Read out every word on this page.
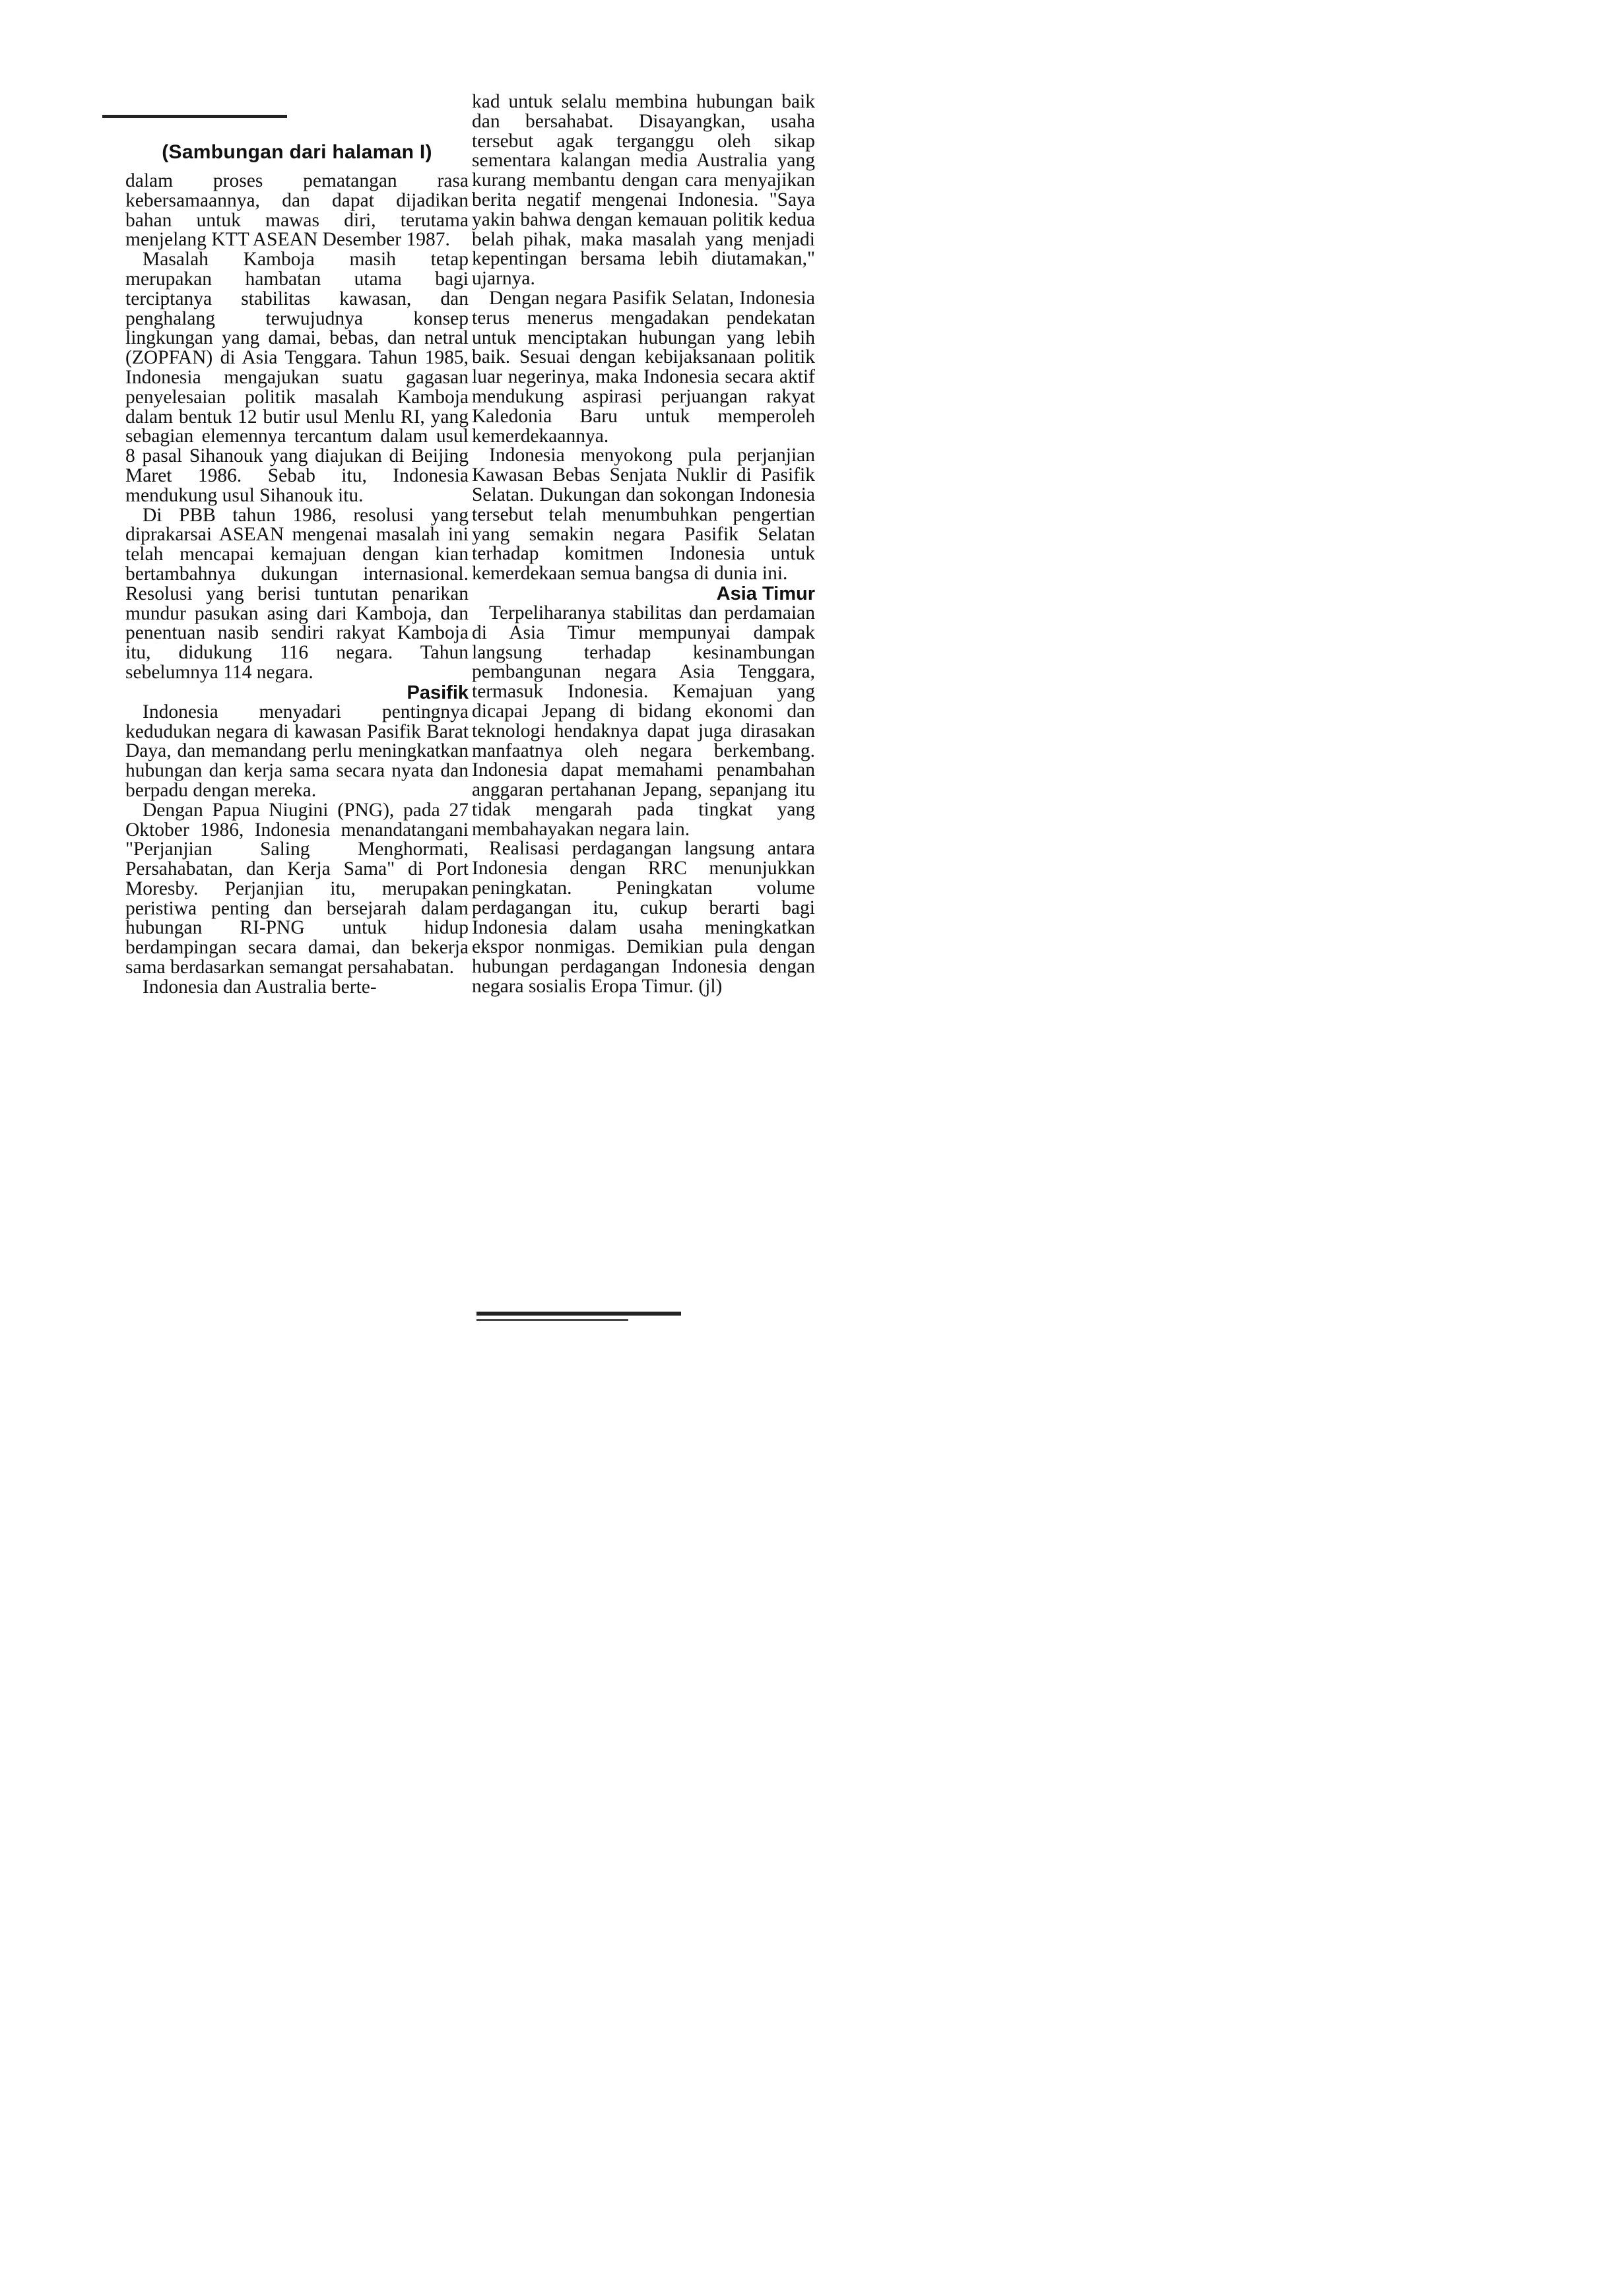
(Sambungan dari halaman I)

dalam proses pematangan rasa kebersamaannya, dan dapat dijadikan bahan untuk mawas diri, terutama menjelang KTT ASEAN Desember 1987.

Masalah Kamboja masih tetap merupakan hambatan utama bagi terciptanya stabilitas kawasan, dan penghalang terwujudnya konsep lingkungan yang damai, bebas, dan netral (ZOPFAN) di Asia Tenggara. Tahun 1985, Indonesia mengajukan suatu gagasan penyelesaian politik masalah Kamboja dalam bentuk 12 butir usul Menlu RI, yang sebagian elemennya tercantum dalam usul 8 pasal Sihanouk yang diajukan di Beijing Maret 1986. Sebab itu, Indonesia mendukung usul Sihanouk itu.

Di PBB tahun 1986, resolusi yang diprakarsai ASEAN mengenai masalah ini telah mencapai kemajuan dengan kian bertambahnya dukungan internasional. Resolusi yang berisi tuntutan penarikan mundur pasukan asing dari Kamboja, dan penentuan nasib sendiri rakyat Kamboja itu, didukung 116 negara. Tahun sebelumnya 114 negara.

Pasifik

Indonesia menyadari pentingnya kedudukan negara di kawasan Pasifik Barat Daya, dan memandang perlu meningkatkan hubungan dan kerja sama secara nyata dan berpadu dengan mereka.

Dengan Papua Niugini (PNG), pada 27 Oktober 1986, Indonesia menandatangani "Perjanjian Saling Menghormati, Persahabatan, dan Kerja Sama" di Port Moresby. Perjanjian itu, merupakan peristiwa penting dan bersejarah dalam hubungan RI-PNG untuk hidup berdampingan secara damai, dan bekerja sama berdasarkan semangat persahabatan.

Indonesia dan Australia berte-

kad untuk selalu membina hubungan baik dan bersahabat. Disayangkan, usaha tersebut agak terganggu oleh sikap sementara kalangan media Australia yang kurang membantu dengan cara menyajikan berita negatif mengenai Indonesia. "Saya yakin bahwa dengan kemauan politik kedua belah pihak, maka masalah yang menjadi kepentingan bersama lebih diutamakan," ujarnya.

Dengan negara Pasifik Selatan, Indonesia terus menerus mengadakan pendekatan untuk menciptakan hubungan yang lebih baik. Sesuai dengan kebijaksanaan politik luar negerinya, maka Indonesia secara aktif mendukung aspirasi perjuangan rakyat Kaledonia Baru untuk memperoleh kemerdekaannya.

Indonesia menyokong pula perjanjian Kawasan Bebas Senjata Nuklir di Pasifik Selatan. Dukungan dan sokongan Indonesia tersebut telah menumbuhkan pengertian yang semakin negara Pasifik Selatan terhadap komitmen Indonesia untuk kemerdekaan semua bangsa di dunia ini.

Asia Timur

Terpeliharanya stabilitas dan perdamaian di Asia Timur mempunyai dampak langsung terhadap kesinambungan pembangunan negara Asia Tenggara, termasuk Indonesia. Kemajuan yang dicapai Jepang di bidang ekonomi dan teknologi hendaknya dapat juga dirasakan manfaatnya oleh negara berkembang. Indonesia dapat memahami penambahan anggaran pertahanan Jepang, sepanjang itu tidak mengarah pada tingkat yang membahayakan negara lain.

Realisasi perdagangan langsung antara Indonesia dengan RRC menunjukkan peningkatan. Peningkatan volume perdagangan itu, cukup berarti bagi Indonesia dalam usaha meningkatkan ekspor nonmigas. Demikian pula dengan hubungan perdagangan Indonesia dengan negara sosialis Eropa Timur. (jl)
